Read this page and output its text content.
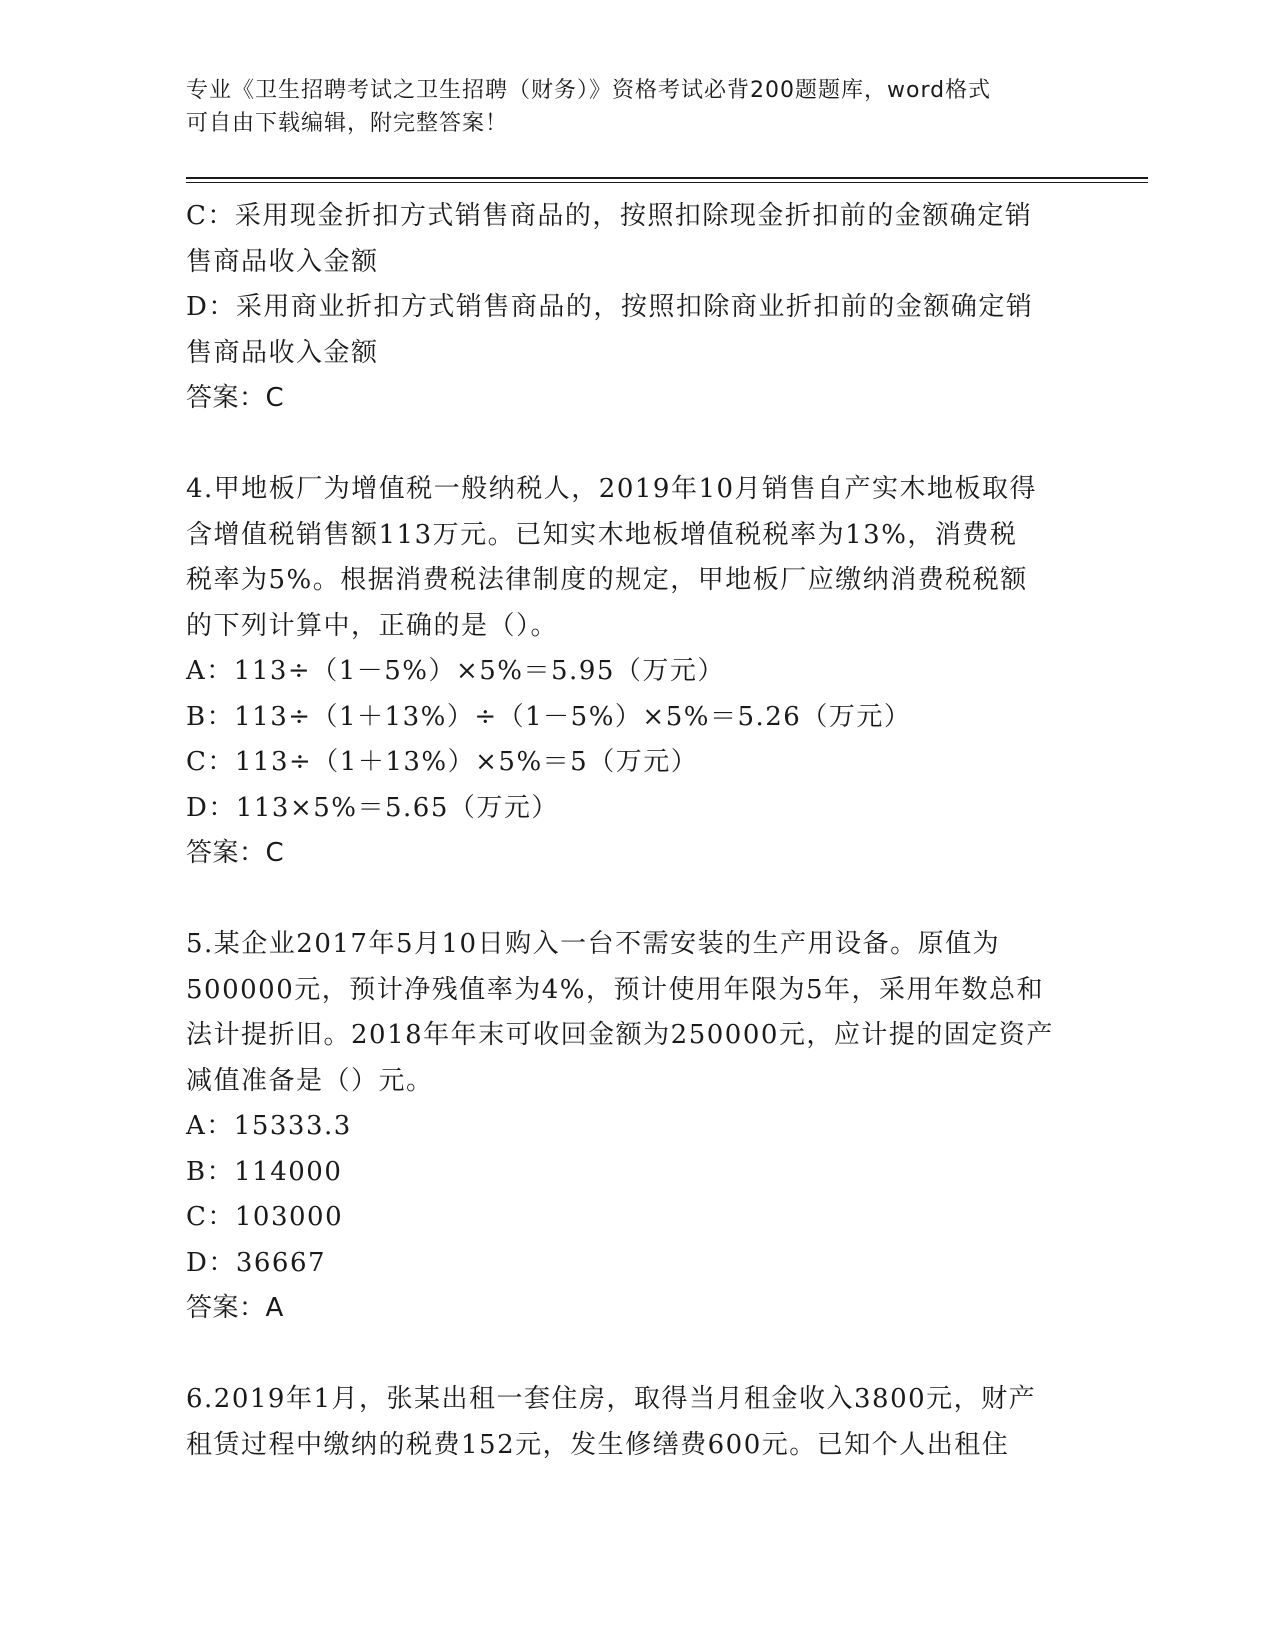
专业《卫生招聘考试之卫生招聘（财务）》资格考试必背200题题库，word格式
可自由下载编辑，附完整答案！
C：采用现金折扣方式销售商品的，按照扣除现金折扣前的金额确定销
售商品收入金额
D：采用商业折扣方式销售商品的，按照扣除商业折扣前的金额确定销
售商品收入金额
答案：C
4.甲地板厂为增值税一般纳税人，2019年10月销售自产实木地板取得
含增值税销售额113万元。已知实木地板增值税税率为13%，消费税
税率为5%。根据消费税法律制度的规定，甲地板厂应缴纳消费税税额
的下列计算中，正确的是（）。
A：113÷（1－5%）×5%＝5.95（万元）
B：113÷（1＋13%）÷（1－5%）×5%＝5.26（万元）
C：113÷（1＋13%）×5%＝5（万元）
D：113×5%＝5.65（万元）
答案：C
5.某企业2017年5月10日购入一台不需安装的生产用设备。原值为
500000元，预计净残值率为4%，预计使用年限为5年，采用年数总和
法计提折旧。2018年年末可收回金额为250000元，应计提的固定资产
减值准备是（）元。
A：15333.3
B：114000
C：103000
D：36667
答案：A
6.2019年1月，张某出租一套住房，取得当月租金收入3800元，财产
租赁过程中缴纳的税费152元，发生修缮费600元。已知个人出租住
